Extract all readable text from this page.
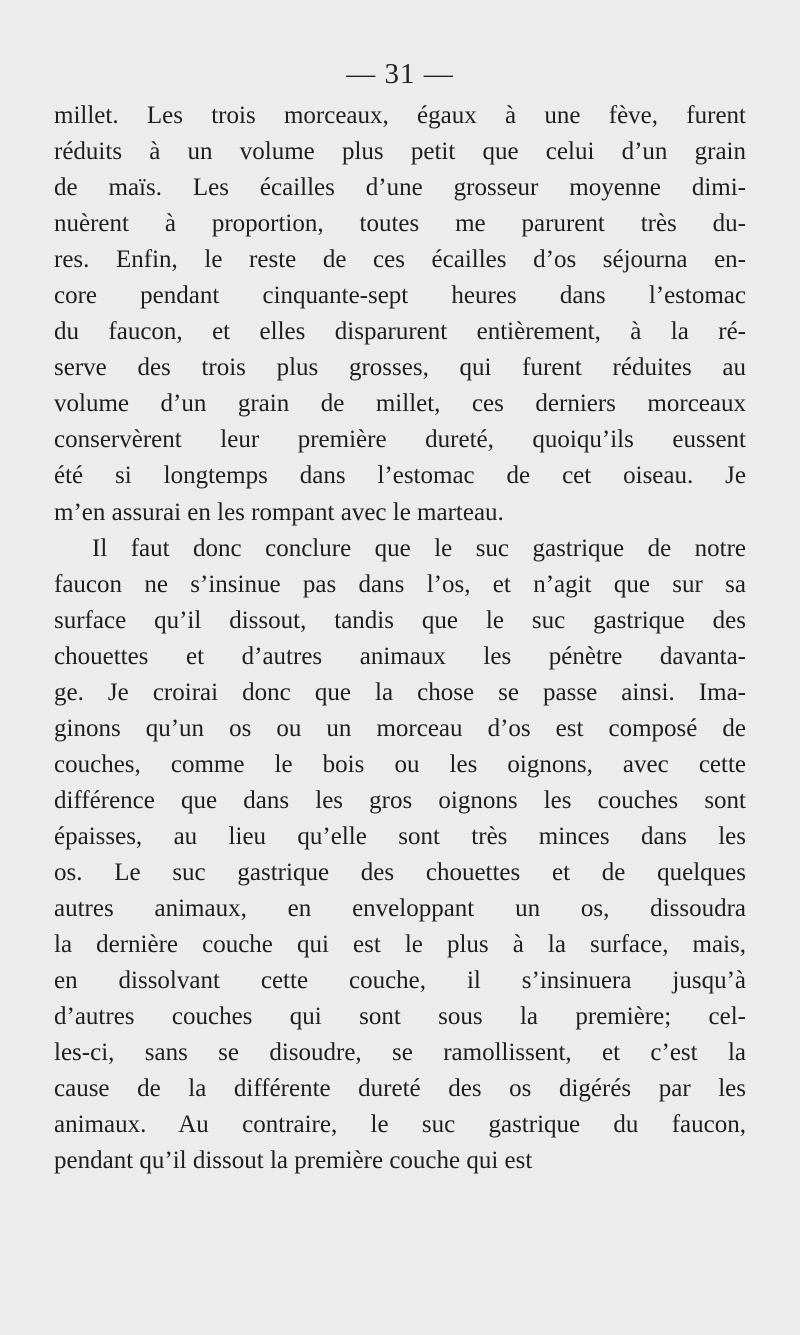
— 31 —
millet. Les trois morceaux, égaux à une fève, furent
réduits à un volume plus petit que celui d’un grain
de maïs. Les écailles d’une grosseur moyenne dimi-
nuèrent à proportion, toutes me parurent très du-
res. Enfin, le reste de ces écailles d’os séjourna en-
core pendant cinquante-sept heures dans l’estomac
du faucon, et elles disparurent entièrement, à la ré-
serve des trois plus grosses, qui furent réduites au
volume d’un grain de millet, ces derniers morceaux
conservèrent leur première dureté, quoiqu’ils eussent
été si longtemps dans l’estomac de cet oiseau. Je
m’en assurai en les rompant avec le marteau.
Il faut donc conclure que le suc gastrique de notre
faucon ne s’insinue pas dans l’os, et n’agit que sur sa
surface qu’il dissout, tandis que le suc gastrique des
chouettes et d’autres animaux les pénètre davanta-
ge. Je croirai donc que la chose se passe ainsi. Ima-
ginons qu’un os ou un morceau d’os est composé de
couches, comme le bois ou les oignons, avec cette
différence que dans les gros oignons les couches sont
épaisses, au lieu qu’elle sont très minces dans les
os. Le suc gastrique des chouettes et de quelques
autres animaux, en enveloppant un os, dissoudra
la dernière couche qui est le plus à la surface, mais,
en dissolvant cette couche, il s’insinuera jusqu’à
d’autres couches qui sont sous la première; cel-
les-ci, sans se disoudre, se ramollissent, et c’est la
cause de la différente dureté des os digérés par les
animaux. Au contraire, le suc gastrique du faucon,
pendant qu’il dissout la première couche qui est
